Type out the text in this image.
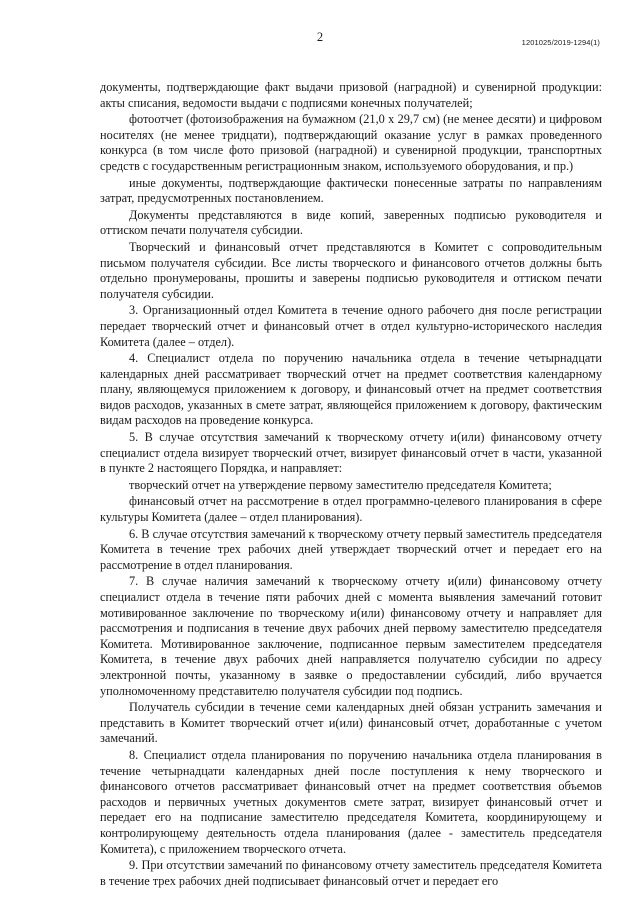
2	1201025/2019-1294(1)

документы, подтверждающие факт выдачи призовой (наградной) и сувенирной продукции: акты списания, ведомости выдачи с подписями конечных получателей;

фотоотчет (фотоизображения на бумажном (21,0 x 29,7 см) (не менее десяти) и цифровом носителях (не менее тридцати), подтверждающий оказание услуг в рамках проведенного конкурса (в том числе фото призовой (наградной) и сувенирной продукции, транспортных средств с государственным регистрационным знаком, используемого оборудования, и пр.)

иные документы, подтверждающие фактически понесенные затраты по направлениям затрат, предусмотренных постановлением.

Документы представляются в виде копий, заверенных подписью руководителя и оттиском печати получателя субсидии.

Творческий и финансовый отчет представляются в Комитет с сопроводительным письмом получателя субсидии. Все листы творческого и финансового отчетов должны быть отдельно пронумерованы, прошиты и заверены подписью руководителя и оттиском печати получателя субсидии.

3. Организационный отдел Комитета в течение одного рабочего дня после регистрации передает творческий отчет и финансовый отчет в отдел культурно-исторического наследия Комитета (далее – отдел).

4. Специалист отдела по поручению начальника отдела в течение четырнадцати календарных дней рассматривает творческий отчет на предмет соответствия календарному плану, являющемуся приложением к договору, и финансовый отчет на предмет соответствия видов расходов, указанных в смете затрат, являющейся приложением к договору, фактическим видам расходов на проведение конкурса.

5. В случае отсутствия замечаний к творческому отчету и(или) финансовому отчету специалист отдела визирует творческий отчет, визирует финансовый отчет в части, указанной в пункте 2 настоящего Порядка, и направляет:

творческий отчет на утверждение первому заместителю председателя Комитета;

финансовый отчет на рассмотрение в отдел программно-целевого планирования в сфере культуры Комитета (далее – отдел планирования).

6. В случае отсутствия замечаний к творческому отчету первый заместитель председателя Комитета в течение трех рабочих дней утверждает творческий отчет и передает его на рассмотрение в отдел планирования.

7. В случае наличия замечаний к творческому отчету и(или) финансовому отчету специалист отдела в течение пяти рабочих дней с момента выявления замечаний готовит мотивированное заключение по творческому и(или) финансовому отчету и направляет для рассмотрения и подписания в течение двух рабочих дней первому заместителю председателя Комитета. Мотивированное заключение, подписанное первым заместителем председателя Комитета, в течение двух рабочих дней направляется получателю субсидии по адресу электронной почты, указанному в заявке о предоставлении субсидий, либо вручается уполномоченному представителю получателя субсидии под подпись.

Получатель субсидии в течение семи календарных дней обязан устранить замечания и представить в Комитет творческий отчет и(или) финансовый отчет, доработанные с учетом замечаний.

8. Специалист отдела планирования по поручению начальника отдела планирования в течение четырнадцати календарных дней после поступления к нему творческого и финансового отчетов рассматривает финансовый отчет на предмет соответствия объемов расходов и первичных учетных документов смете затрат, визирует финансовый отчет и передает его на подписание заместителю председателя Комитета, координирующему и контролирующему деятельность отдела планирования (далее - заместитель председателя Комитета), с приложением творческого отчета.

9. При отсутствии замечаний по финансовому отчету заместитель председателя Комитета в течение трех рабочих дней подписывает финансовый отчет и передает его
